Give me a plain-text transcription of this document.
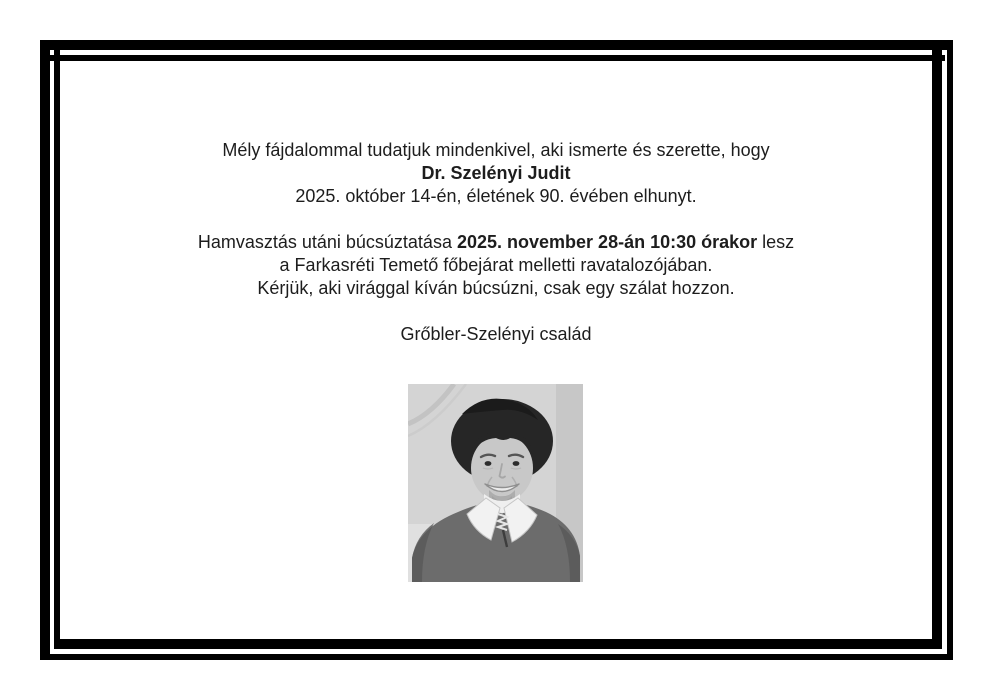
Mély fájdalommal tudatjuk mindenkivel, aki ismerte és szerette, hogy
Dr. Szelényi Judit
2025. október 14-én, életének 90. évében elhunyt.
Hamvasztás utáni búcsúztatása 2025. november 28-án 10:30 órakor lesz
a Farkasréti Temető főbejárat melletti ravatalozójában.
Kérjük, aki virággal kíván búcsúzni, csak egy szálat hozzon.
Grőbler-Szelényi család
